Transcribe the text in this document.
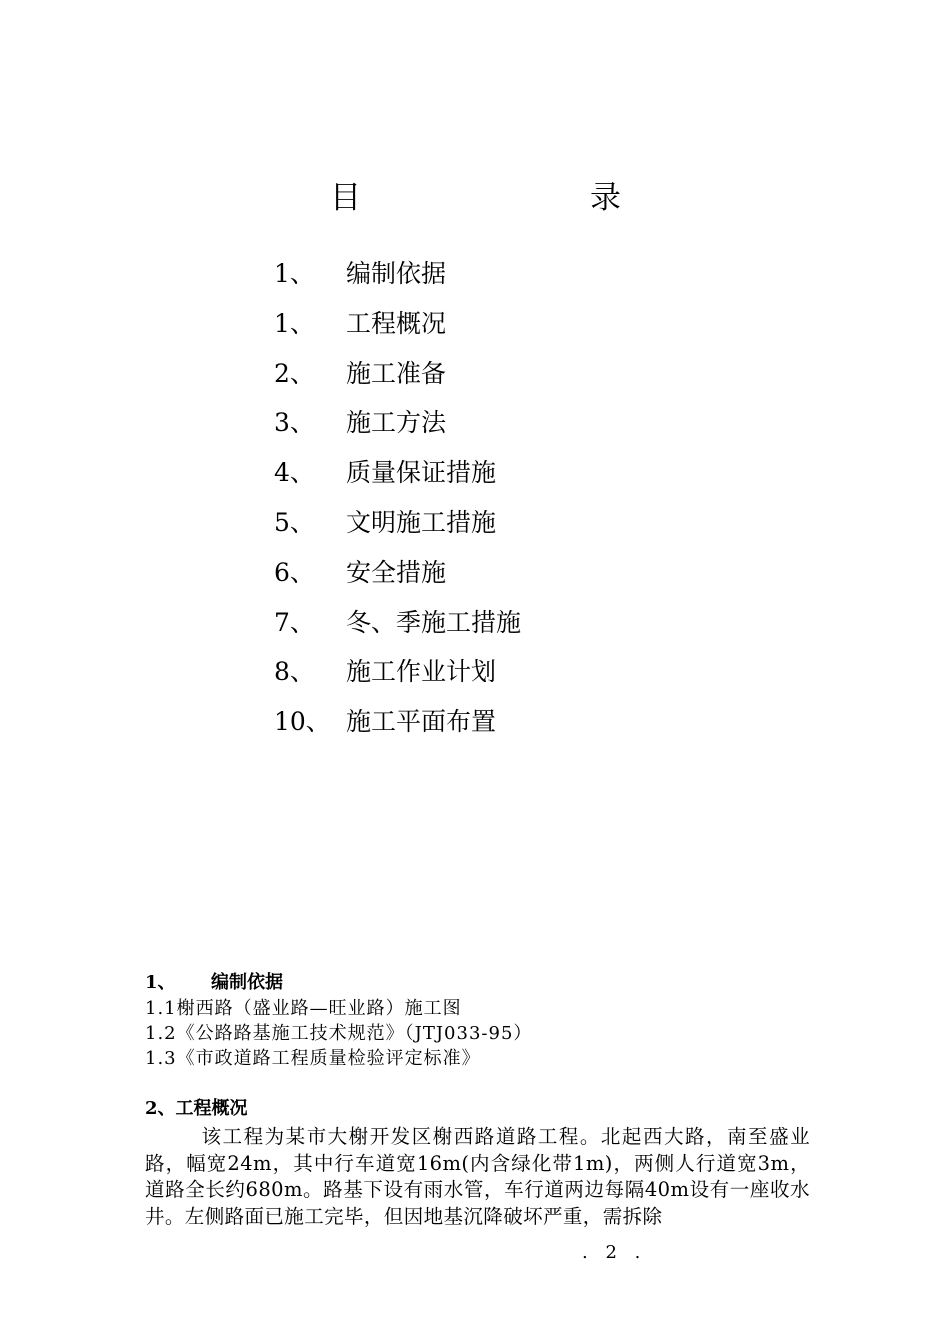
目	录
1、 编制依据
1、 工程概况
2、 施工准备
3、 施工方法
4、 质量保证措施
5、 文明施工措施
6、 安全措施
7、 冬、季施工措施
8、 施工作业计划
10、 施工平面布置
1、 编制依据
1.1榭西路（盛业路—旺业路）施工图
1.2《公路路基施工技术规范》（JTJ033-95）
1.3《市政道路工程质量检验评定标准》
2、工程概况

该工程为某市大榭开发区榭西路道路工程。北起西大路，南至盛业路，幅宽24m，其中行车道宽16m(内含绿化带1m)，两侧人行道宽3m，道路全长约680m。路基下设有雨水管，车行道两边每隔40m设有一座收水井。左侧路面已施工完毕，但因地基沉降破坏严重，需拆除

. 2 .
